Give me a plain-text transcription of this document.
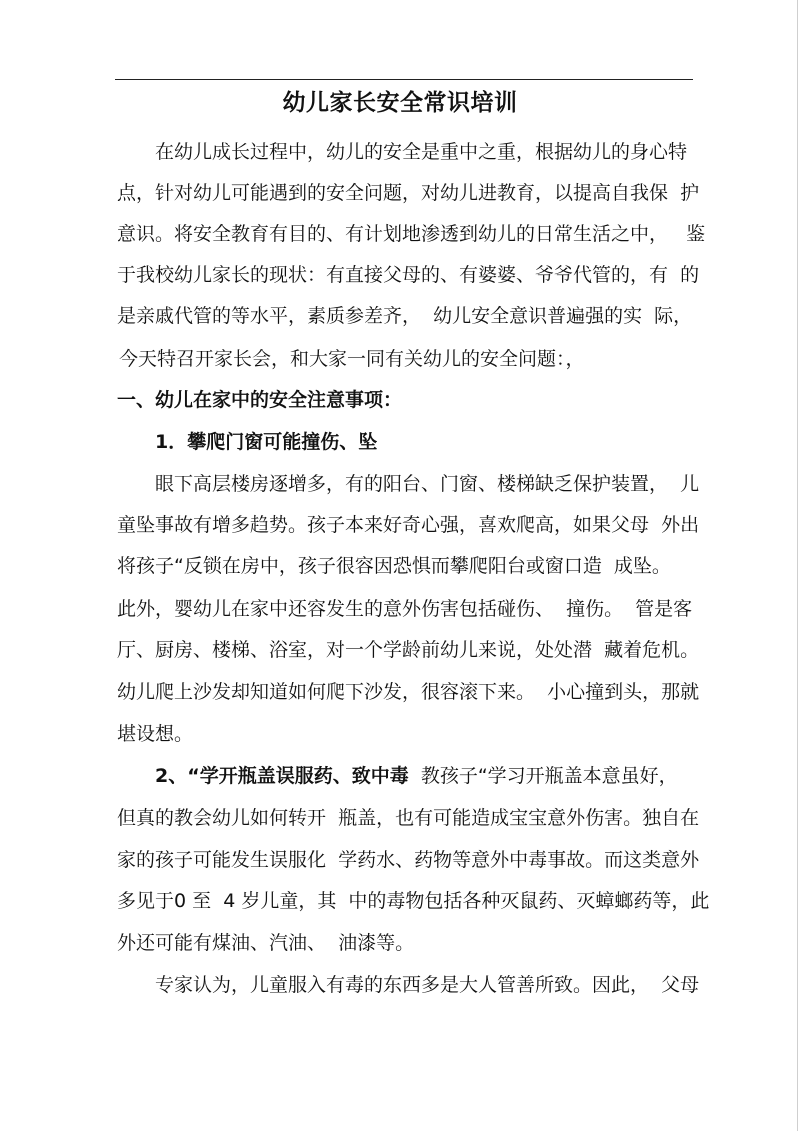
幼儿家长安全常识培训
在幼儿成长过程中，幼儿的安全是重中之重，根据幼儿的身心特
点，针对幼儿可能遇到的安全问题，对幼儿进教育，以提高自我保  护
意识。将安全教育有目的、有计划地渗透到幼儿的日常生活之中，   鉴
于我校幼儿家长的现状：有直接父母的、有婆婆、爷爷代管的，有  的
是亲戚代管的等水平，素质参差齐，  幼儿安全意识普遍强的实  际，
今天特召开家长会，和大家一同有关幼儿的安全问题：，
一、幼儿在家中的安全注意事项：
1．攀爬门窗可能撞伤、坠
眼下高层楼房逐增多，有的阳台、门窗、楼梯缺乏保护装置，  儿
童坠事故有增多趋势。孩子本来好奇心强，喜欢爬高，如果父母  外出
将孩子“反锁在房中，孩子很容因恐惧而攀爬阳台或窗口造  成坠。
此外，婴幼儿在家中还容发生的意外伤害包括碰伤、  撞伤。  管是客
厅、厨房、楼梯、浴室，对一个学龄前幼儿来说，处处潜  藏着危机。
幼儿爬上沙发却知道如何爬下沙发，很容滚下来。  小心撞到头，那就
堪设想。
2、“学开瓶盖误服药、致中毒 教孩子“学习开瓶盖本意虽好，
但真的教会幼儿如何转开  瓶盖，也有可能造成宝宝意外伤害。独自在
家的孩子可能发生误服化  学药水、药物等意外中毒事故。而这类意外
多见于0 至  4 岁儿童，其  中的毒物包括各种灭鼠药、灭蟑螂药等，此
外还可能有煤油、汽油、  油漆等。
专家认为，儿童服入有毒的东西多是大人管善所致。因此，  父母
